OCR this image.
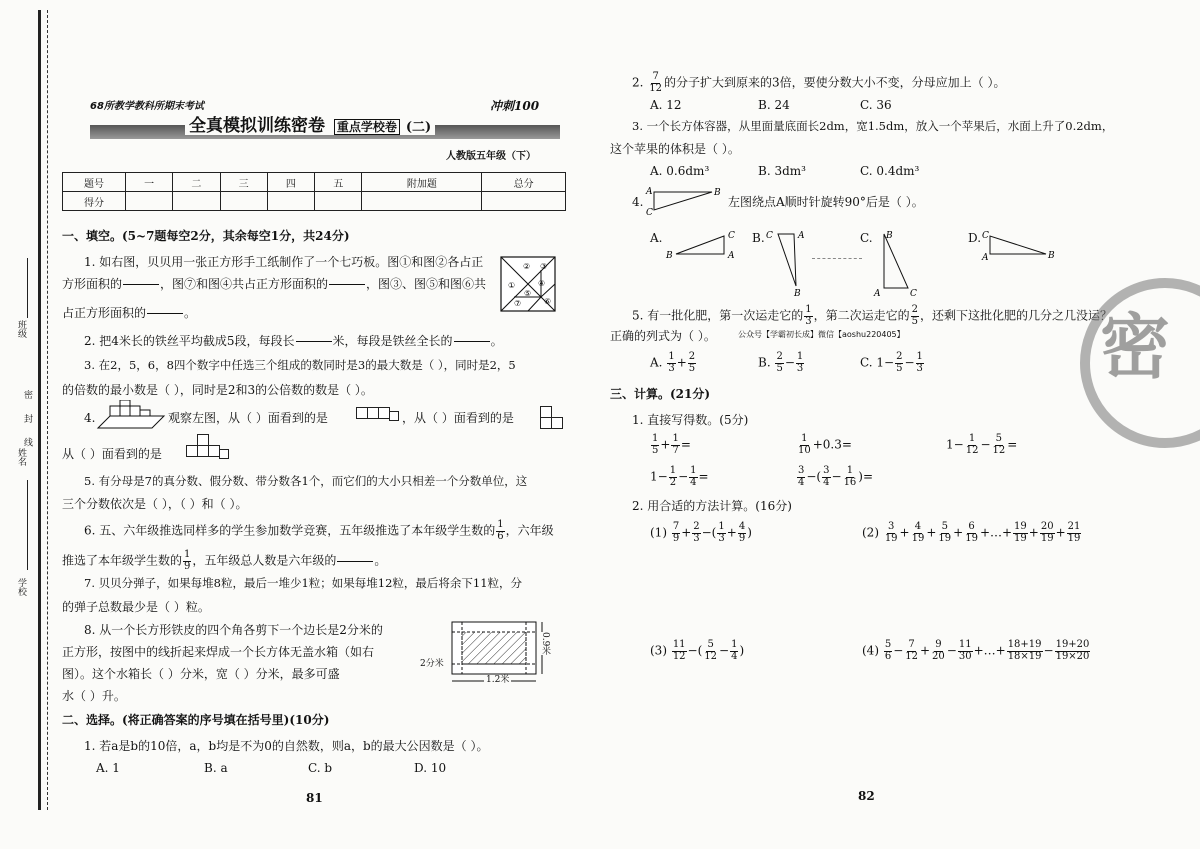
班级
密 封 线
姓名
学校
68所教学教科所期末考试	冲刺100
全真模拟训练密卷 重点学校卷 (二)
人教版五年级（下）
题号	一	二	三	四	五	附加题	总分
得分							
一、填空。(5~7题每空2分，其余每空1分，共24分)
1. 如右图，贝贝用一张正方形手工纸制作了一个七巧板。图①和图②各占正
方形面积的	，图⑦和图④共占正方形面积的	，图③、图⑤和图⑥共
占正方形面积的	。
①
② ③
④
⑤
⑥
⑦
2. 把4米长的铁丝平均截成5段，每段长	米，每段是铁丝全长的	。
3. 在2，5，6，8四个数字中任选三个组成的数同时是3的最大数是（ ），同时是2，5
的倍数的最小数是（ ），同时是2和3的公倍数的数是（ ）。
4.	观察左图，从（ ）面看到的是	，从（ ）面看到的是
从（ ）面看到的是
5. 有分母是7的真分数、假分数、带分数各1个，而它们的大小只相差一个分数单位，这
三个分数依次是（ ），（ ）和（ ）。
6. 五、六年级推选同样多的学生参加数学竞赛，五年级推选了本年级学生数的 $\frac{1}{6}$ ，六年级
推选了本年级学生数的 $\frac{1}{9}$ ，五年级总人数是六年级的	。
7. 贝贝分弹子，如果每堆8粒，最后一堆少1粒；如果每堆12粒，最后将余下11粒，分
的弹子总数最少是（ ）粒。
8. 从一个长方形铁皮的四个角各剪下一个边长是2分米的
正方形，按图中的线折起来焊成一个长方体无盖水箱（如右
图）。这个水箱长（ ）分米，宽（ ）分米，最多可盛
水（ ）升。
2分米
0.9米
1.2米
二、选择。(将正确答案的序号填在括号里)(10分)
1. 若a是b的10倍，a，b均是不为0的自然数，则a，b的最大公因数是（ ）。
A. 1	B. a	C. b	D. 10
81
2. $\frac{7}{12}$ 的分子扩大到原来的3倍，要使分数大小不变，分母应加上（ ）。
A. 12	B. 24	C. 36
3. 一个长方体容器，从里面量底面长2dm，宽1.5dm，放入一个苹果后，水面上升了0.2dm，
这个苹果的体积是（ ）。
A. 0.6dm³	B. 3dm³	C. 0.4dm³
4.
A	B
C
左图绕点A顺时针旋转90°后是（ ）。
A.
B
C
A
B. C	A
B
C. B
A	C
D. C
A	B
5. 有一批化肥，第一次运走它的 $\frac{1}{3}$ ，第二次运走它的 $\frac{2}{5}$ ，还剩下这批化肥的几分之几没运？
正确的列式为（ ）。	公众号【学霸初长成】微信【aoshu220405】
A. $\frac{1}{3} + \frac{2}{5}$	B. $\frac{2}{5} - \frac{1}{3}$	C. $1- \frac{2}{5} - \frac{1}{3}$	密
三、计算。(21分)
1. 直接写得数。(5分)
$\frac{1}{5} + \frac{1}{7}$ =	$\frac{1}{10} +0.3=$	$1- \frac{1}{12} - \frac{5}{12}$ =
$1- \frac{1}{2} - \frac{1}{4}$ =	$\frac{3}{4}$ −( $\frac{3}{4} - \frac{1}{16}$ )=
2. 用合适的方法计算。(16分)
$(1) \frac{7}{9} + \frac{2}{3}$ −( $\frac{1}{3} + \frac{4}{9}$ )	$(2) \frac{3}{19} + \frac{4}{19} + \frac{5}{19} + \frac{6}{19}$ +…+ $\frac{19}{19} + \frac{20}{19} + \frac{21}{19}$
$(3) \frac{11}{12}$ −( $\frac{5}{12} - \frac{1}{4}$ )	$(4) \frac{5}{6} - \frac{7}{12} + \frac{9}{20} - \frac{11}{30}$ +…+ $\frac{18+19}{18\times 19} - \frac{19+20}{19\times 20}$
82
